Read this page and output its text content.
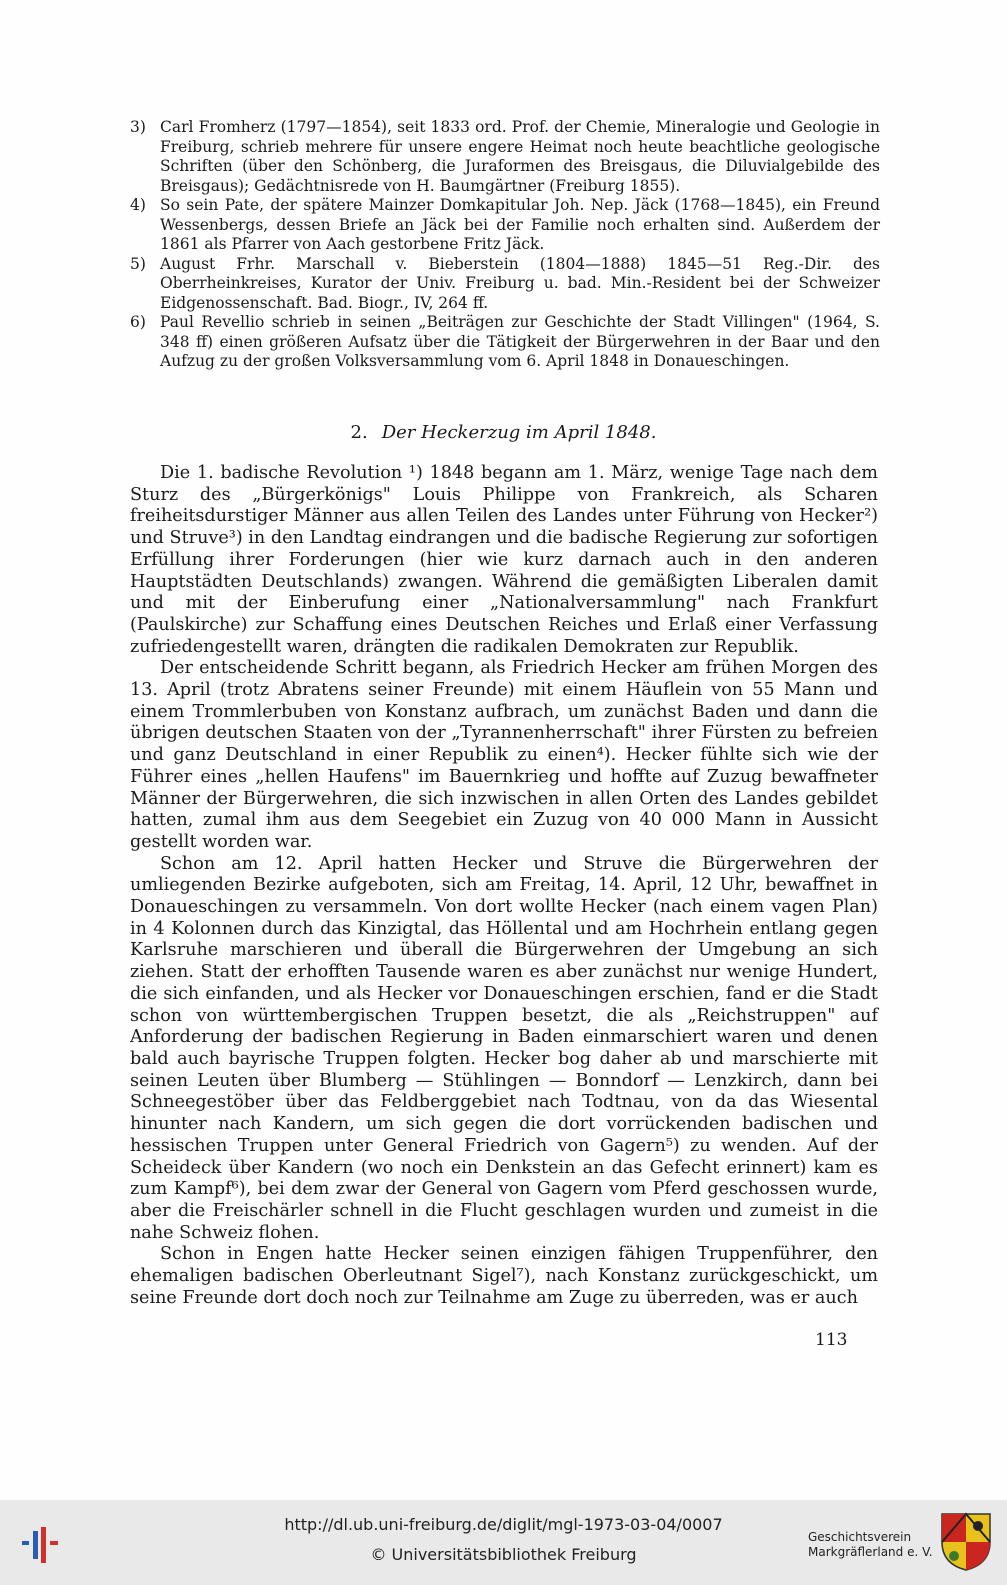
3) Carl Fromherz (1797—1854), seit 1833 ord. Prof. der Chemie, Mineralogie und Geologie in Freiburg, schrieb mehrere für unsere engere Heimat noch heute beachtliche geologische Schriften (über den Schönberg, die Juraformen des Breisgaus, die Diluvialgebilde des Breisgaus); Gedächtnisrede von H. Baumgärtner (Freiburg 1855).

4) So sein Pate, der spätere Mainzer Domkapitular Joh. Nep. Jäck (1768—1845), ein Freund Wessenbergs, dessen Briefe an Jäck bei der Familie noch erhalten sind. Außerdem der 1861 als Pfarrer von Aach gestorbene Fritz Jäck.

5) August Frhr. Marschall v. Bieberstein (1804—1888) 1845—51 Reg.-Dir. des Oberrheinkreises, Kurator der Univ. Freiburg u. bad. Min.-Resident bei der Schweizer Eidgenossenschaft. Bad. Biogr., IV, 264 ff.

6) Paul Revellio schrieb in seinen „Beiträgen zur Geschichte der Stadt Villingen" (1964, S. 348 ff) einen größeren Aufsatz über die Tätigkeit der Bürgerwehren in der Baar und den Aufzug zu der großen Volksversammlung vom 6. April 1848 in Donaueschingen.

2. Der Heckerzug im April 1848.

Die 1. badische Revolution ¹) 1848 begann am 1. März, wenige Tage nach dem Sturz des „Bürgerkönigs" Louis Philippe von Frankreich, als Scharen freiheitsdurstiger Männer aus allen Teilen des Landes unter Führung von Hecker²) und Struve³) in den Landtag eindrangen und die badische Regierung zur sofortigen Erfüllung ihrer Forderungen (hier wie kurz darnach auch in den anderen Hauptstädten Deutschlands) zwangen. Während die gemäßigten Liberalen damit und mit der Einberufung einer „Nationalversammlung" nach Frankfurt (Paulskirche) zur Schaffung eines Deutschen Reiches und Erlaß einer Verfassung zufriedengestellt waren, drängten die radikalen Demokraten zur Republik.

Der entscheidende Schritt begann, als Friedrich Hecker am frühen Morgen des 13. April (trotz Abratens seiner Freunde) mit einem Häuflein von 55 Mann und einem Trommlerbuben von Konstanz aufbrach, um zunächst Baden und dann die übrigen deutschen Staaten von der „Tyrannenherrschaft" ihrer Fürsten zu befreien und ganz Deutschland in einer Republik zu einen⁴). Hecker fühlte sich wie der Führer eines „hellen Haufens" im Bauernkrieg und hoffte auf Zuzug bewaffneter Männer der Bürgerwehren, die sich inzwischen in allen Orten des Landes gebildet hatten, zumal ihm aus dem Seegebiet ein Zuzug von 40 000 Mann in Aussicht gestellt worden war.

Schon am 12. April hatten Hecker und Struve die Bürgerwehren der umliegenden Bezirke aufgeboten, sich am Freitag, 14. April, 12 Uhr, bewaffnet in Donaueschingen zu versammeln. Von dort wollte Hecker (nach einem vagen Plan) in 4 Kolonnen durch das Kinzigtal, das Höllental und am Hochrhein entlang gegen Karlsruhe marschieren und überall die Bürgerwehren der Umgebung an sich ziehen. Statt der erhofften Tausende waren es aber zunächst nur wenige Hundert, die sich einfanden, und als Hecker vor Donaueschingen erschien, fand er die Stadt schon von württembergischen Truppen besetzt, die als „Reichstruppen" auf Anforderung der badischen Regierung in Baden einmarschiert waren und denen bald auch bayrische Truppen folgten. Hecker bog daher ab und marschierte mit seinen Leuten über Blumberg — Stühlingen — Bonndorf — Lenzkirch, dann bei Schneegestöber über das Feldberggebiet nach Todtnau, von da das Wiesental hinunter nach Kandern, um sich gegen die dort vorrückenden badischen und hessischen Truppen unter General Friedrich von Gagern⁵) zu wenden. Auf der Scheideck über Kandern (wo noch ein Denkstein an das Gefecht erinnert) kam es zum Kampf⁶), bei dem zwar der General von Gagern vom Pferd geschossen wurde, aber die Freischärler schnell in die Flucht geschlagen wurden und zumeist in die nahe Schweiz flohen.

Schon in Engen hatte Hecker seinen einzigen fähigen Truppenführer, den ehemaligen badischen Oberleutnant Sigel⁷), nach Konstanz zurückgeschickt, um seine Freunde dort doch noch zur Teilnahme am Zuge zu überreden, was er auch

113
http://dl.ub.uni-freiburg.de/diglit/mgl-1973-03-04/0007
© Universitätsbibliothek Freiburg
Geschichtsverein
Markgräflerland e. V.
